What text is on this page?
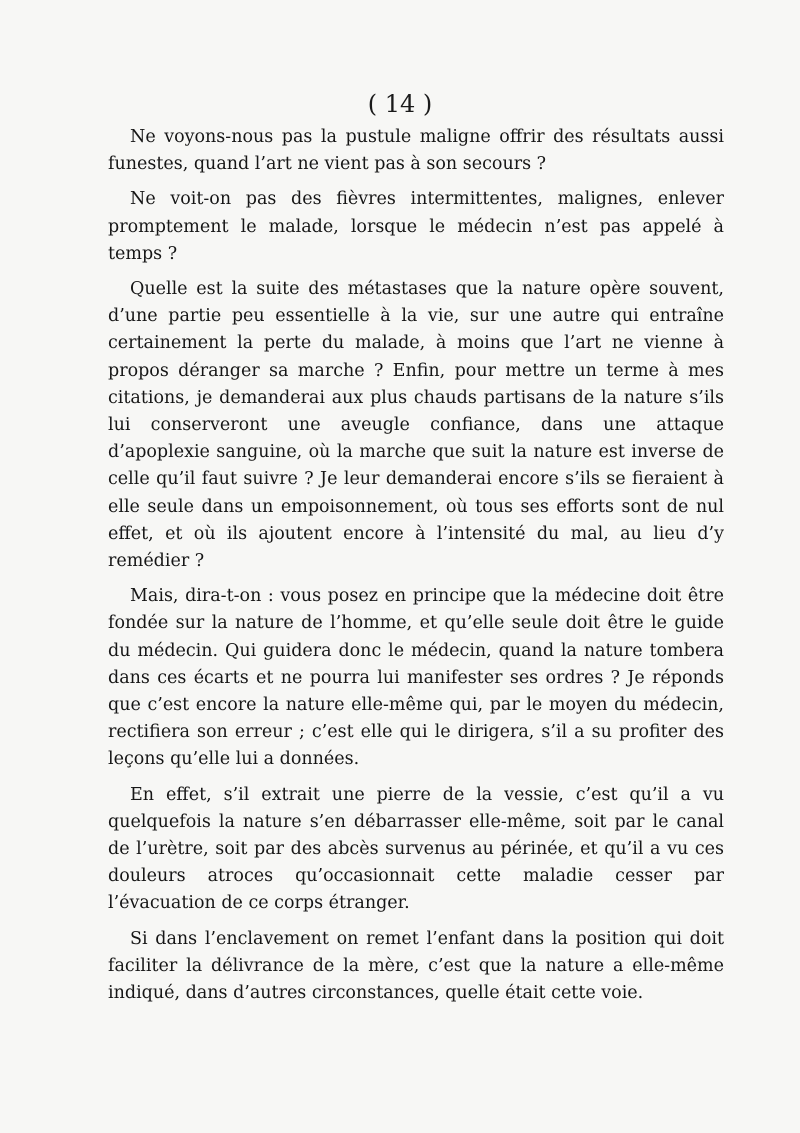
( 14 )

Ne voyons-nous pas la pustule maligne offrir des résultats aussi funestes, quand l’art ne vient pas à son secours ?

Ne voit-on pas des fièvres intermittentes, malignes, enlever promptement le malade, lorsque le médecin n’est pas appelé à temps ?

Quelle est la suite des métastases que la nature opère souvent, d’une partie peu essentielle à la vie, sur une autre qui entraîne certainement la perte du malade, à moins que l’art ne vienne à propos déranger sa marche ? Enfin, pour mettre un terme à mes citations, je demanderai aux plus chauds partisans de la nature s’ils lui conserveront une aveugle confiance, dans une attaque d’apoplexie sanguine, où la marche que suit la nature est inverse de celle qu’il faut suivre ? Je leur demanderai encore s’ils se fieraient à elle seule dans un empoisonnement, où tous ses efforts sont de nul effet, et où ils ajoutent encore à l’intensité du mal, au lieu d’y remédier ?

Mais, dira-t-on : vous posez en principe que la médecine doit être fondée sur la nature de l’homme, et qu’elle seule doit être le guide du médecin. Qui guidera donc le médecin, quand la nature tombera dans ces écarts et ne pourra lui manifester ses ordres ? Je réponds que c’est encore la nature elle-même qui, par le moyen du médecin, rectifiera son erreur ; c’est elle qui le dirigera, s’il a su profiter des leçons qu’elle lui a données.

En effet, s’il extrait une pierre de la vessie, c’est qu’il a vu quelquefois la nature s’en débarrasser elle-même, soit par le canal de l’urètre, soit par des abcès survenus au périnée, et qu’il a vu ces douleurs atroces qu’occasionnait cette maladie cesser par l’évacuation de ce corps étranger.

Si dans l’enclavement on remet l’enfant dans la position qui doit faciliter la délivrance de la mère, c’est que la nature a elle-même indiqué, dans d’autres circonstances, quelle était cette voie.
